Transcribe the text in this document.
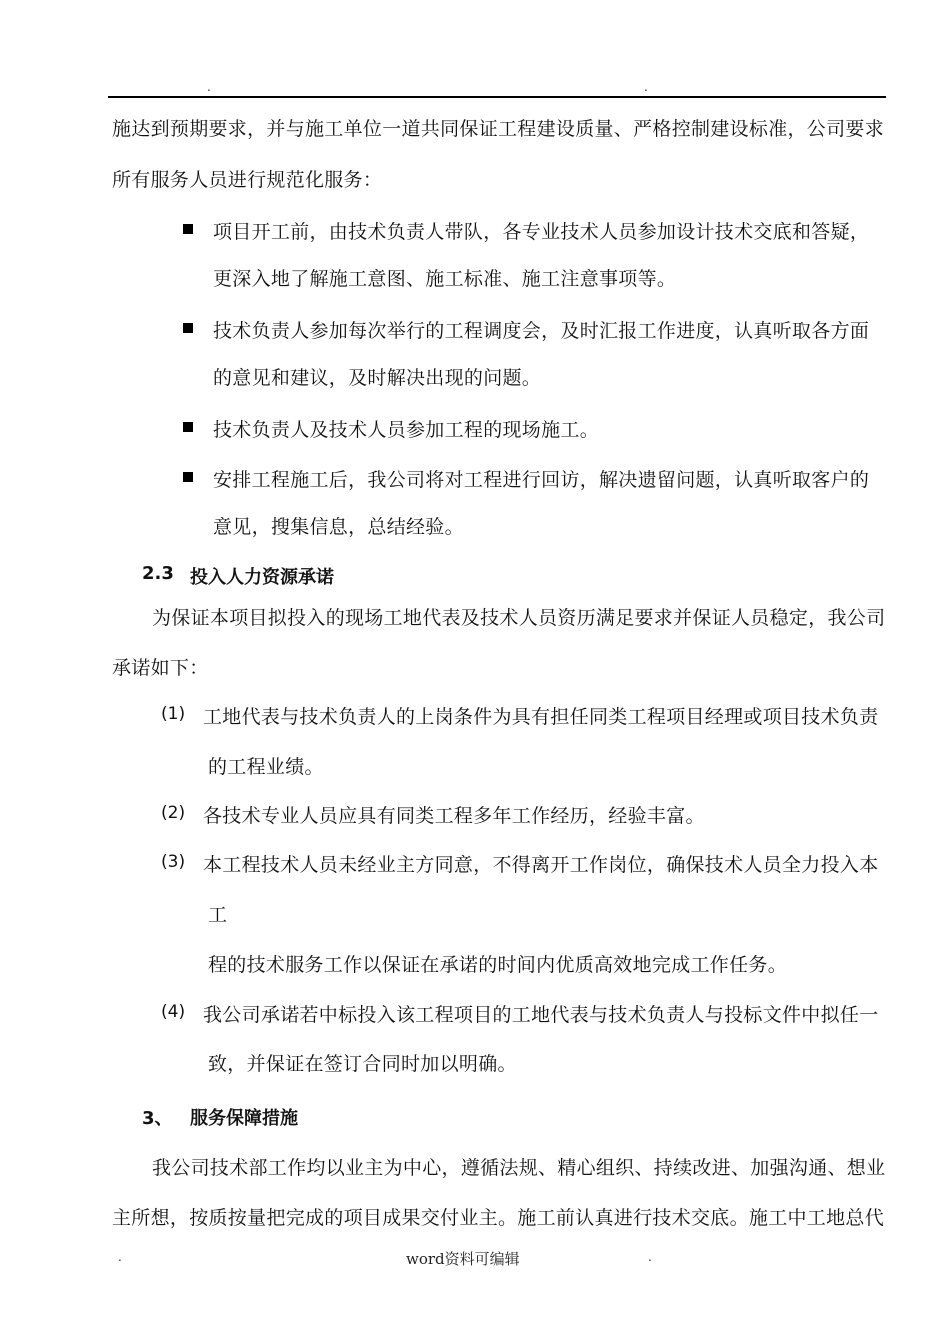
.	.
施达到预期要求，并与施工单位一道共同保证工程建设质量、严格控制建设标准，公司要求
所有服务人员进行规范化服务：
项目开工前，由技术负责人带队，各专业技术人员参加设计技术交底和答疑，
更深入地了解施工意图、施工标准、施工注意事项等。
技术负责人参加每次举行的工程调度会，及时汇报工作进度，认真听取各方面
的意见和建议，及时解决出现的问题。
技术负责人及技术人员参加工程的现场施工。
安排工程施工后，我公司将对工程进行回访，解决遗留问题，认真听取客户的
意见，搜集信息，总结经验。
2.3 投入人力资源承诺
为保证本项目拟投入的现场工地代表及技术人员资历满足要求并保证人员稳定，我公司
承诺如下：
(1) 工地代表与技术负责人的上岗条件为具有担任同类工程项目经理或项目技术负责
的工程业绩。
(2) 各技术专业人员应具有同类工程多年工作经历，经验丰富。
(3) 本工程技术人员未经业主方同意，不得离开工作岗位，确保技术人员全力投入本
工
程的技术服务工作以保证在承诺的时间内优质高效地完成工作任务。
(4) 我公司承诺若中标投入该工程项目的工地代表与技术负责人与投标文件中拟任一
致，并保证在签订合同时加以明确。
3、 服务保障措施
我公司技术部工作均以业主为中心，遵循法规、精心组织、持续改进、加强沟通、想业
主所想，按质按量把完成的项目成果交付业主。施工前认真进行技术交底。施工中工地总代
.	word资料可编辑	.
